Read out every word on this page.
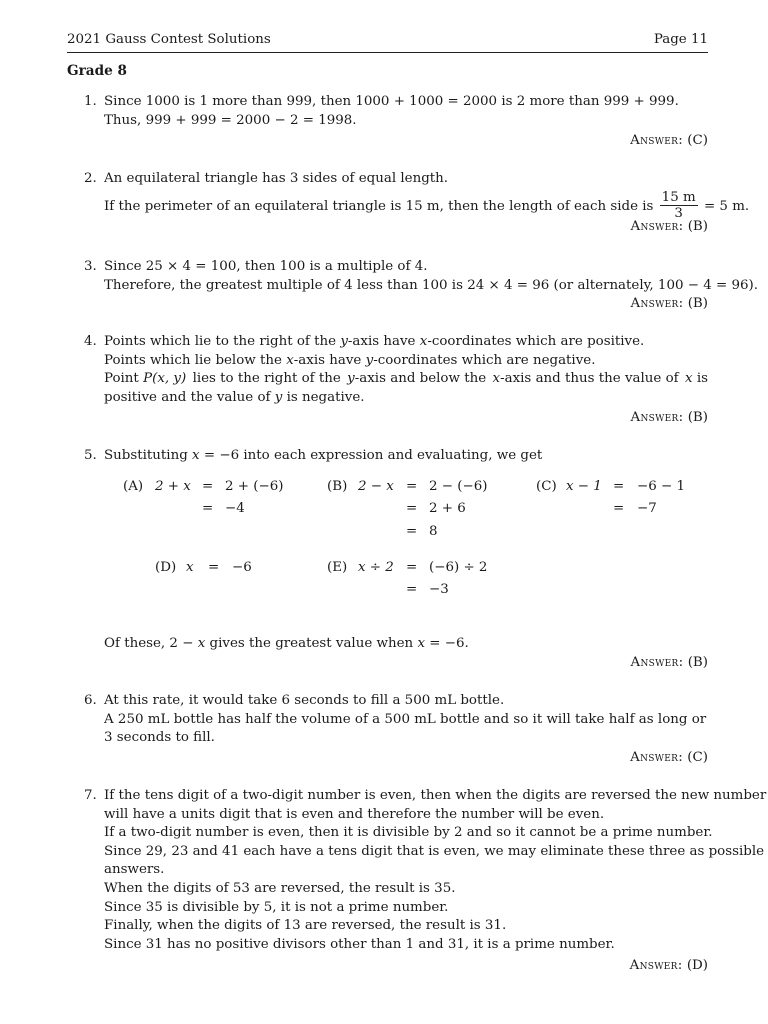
2021 Gauss Contest Solutions	Page 11
Grade 8
1. Since 1000 is 1 more than 999, then 1000 + 1000 = 2000 is 2 more than 999 + 999.
Thus, 999 + 999 = 2000 − 2 = 1998.
Answer: (C)
2. An equilateral triangle has 3 sides of equal length.
If the perimeter of an equilateral triangle is 15 m, then the length of each side is $\frac{15 m}{3} = 5$ m.
Answer: (B)
3. Since 25 × 4 = 100, then 100 is a multiple of 4.
Therefore, the greatest multiple of 4 less than 100 is 24 × 4 = 96 (or alternately, 100 − 4 = 96).
Answer: (B)
4. Points which lie to the right of the y-axis have x-coordinates which are positive.
Points which lie below the x-axis have y-coordinates which are negative.
Point P(x, y) lies to the right of the y-axis and below the x-axis and thus the value of x is
positive and the value of y is negative.
Answer: (B)
5. Substituting x = −6 into each expression and evaluating, we get
(A) 2 + x = 2 + (−6)
= −4
(B) 2 − x = 2 − (−6)
= 2 + 6
= 8
(C) x − 1 = −6 − 1
= −7
(D) x = −6	(E) x ÷ 2 = (−6) ÷ 2
= −3
Of these, 2 − x gives the greatest value when x = −6.
Answer: (B)
6. At this rate, it would take 6 seconds to fill a 500 mL bottle.
A 250 mL bottle has half the volume of a 500 mL bottle and so it will take half as long or
3 seconds to fill.
Answer: (C)
7. If the tens digit of a two-digit number is even, then when the digits are reversed the new number
will have a units digit that is even and therefore the number will be even.
If a two-digit number is even, then it is divisible by 2 and so it cannot be a prime number.
Since 29, 23 and 41 each have a tens digit that is even, we may eliminate these three as possible
answers.
When the digits of 53 are reversed, the result is 35.
Since 35 is divisible by 5, it is not a prime number.
Finally, when the digits of 13 are reversed, the result is 31.
Since 31 has no positive divisors other than 1 and 31, it is a prime number.
Answer: (D)
